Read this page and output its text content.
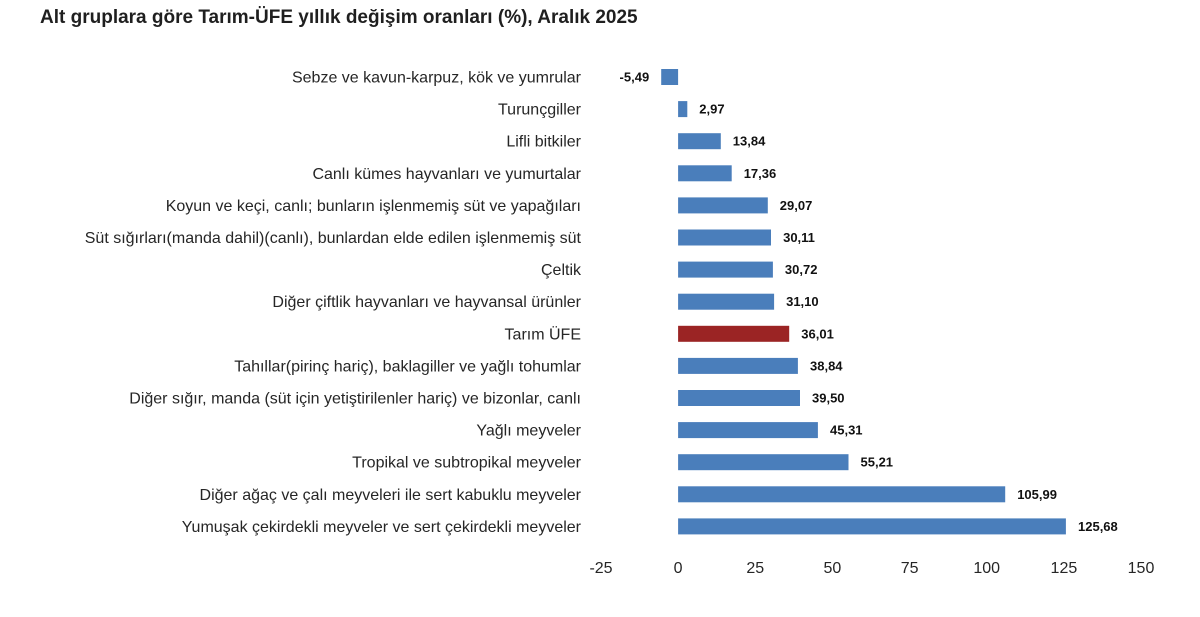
Alt gruplara göre Tarım-ÜFE yıllık değişim oranları (%), Aralık 2025
Sebze ve kavun-karpuz, kök ve yumrular
Turunçgiller
Lifli bitkiler
Canlı kümes hayvanları ve yumurtalar
Koyun ve keçi, canlı; bunların işlenmemiş süt ve yapağıları
Süt sığırları(manda dahil)(canlı), bunlardan elde edilen işlenmemiş süt
Çeltik
Diğer çiftlik hayvanları ve hayvansal ürünler
Tarım ÜFE
Tahıllar(pirinç hariç), baklagiller ve yağlı tohumlar
Diğer sığır, manda (süt için yetiştirilenler hariç) ve bizonlar, canlı
Yağlı meyveler
Tropikal ve subtropikal meyveler
Diğer ağaç ve çalı meyveleri ile sert kabuklu meyveler
Yumuşak çekirdekli meyveler ve sert çekirdekli meyveler
-5,49
2,97
13,84
17,36
29,07
30,11
30,72
31,10
36,01
38,84
39,50
45,31
55,21
105,99
125,68
-25	0	25	50	75	100	125	150
